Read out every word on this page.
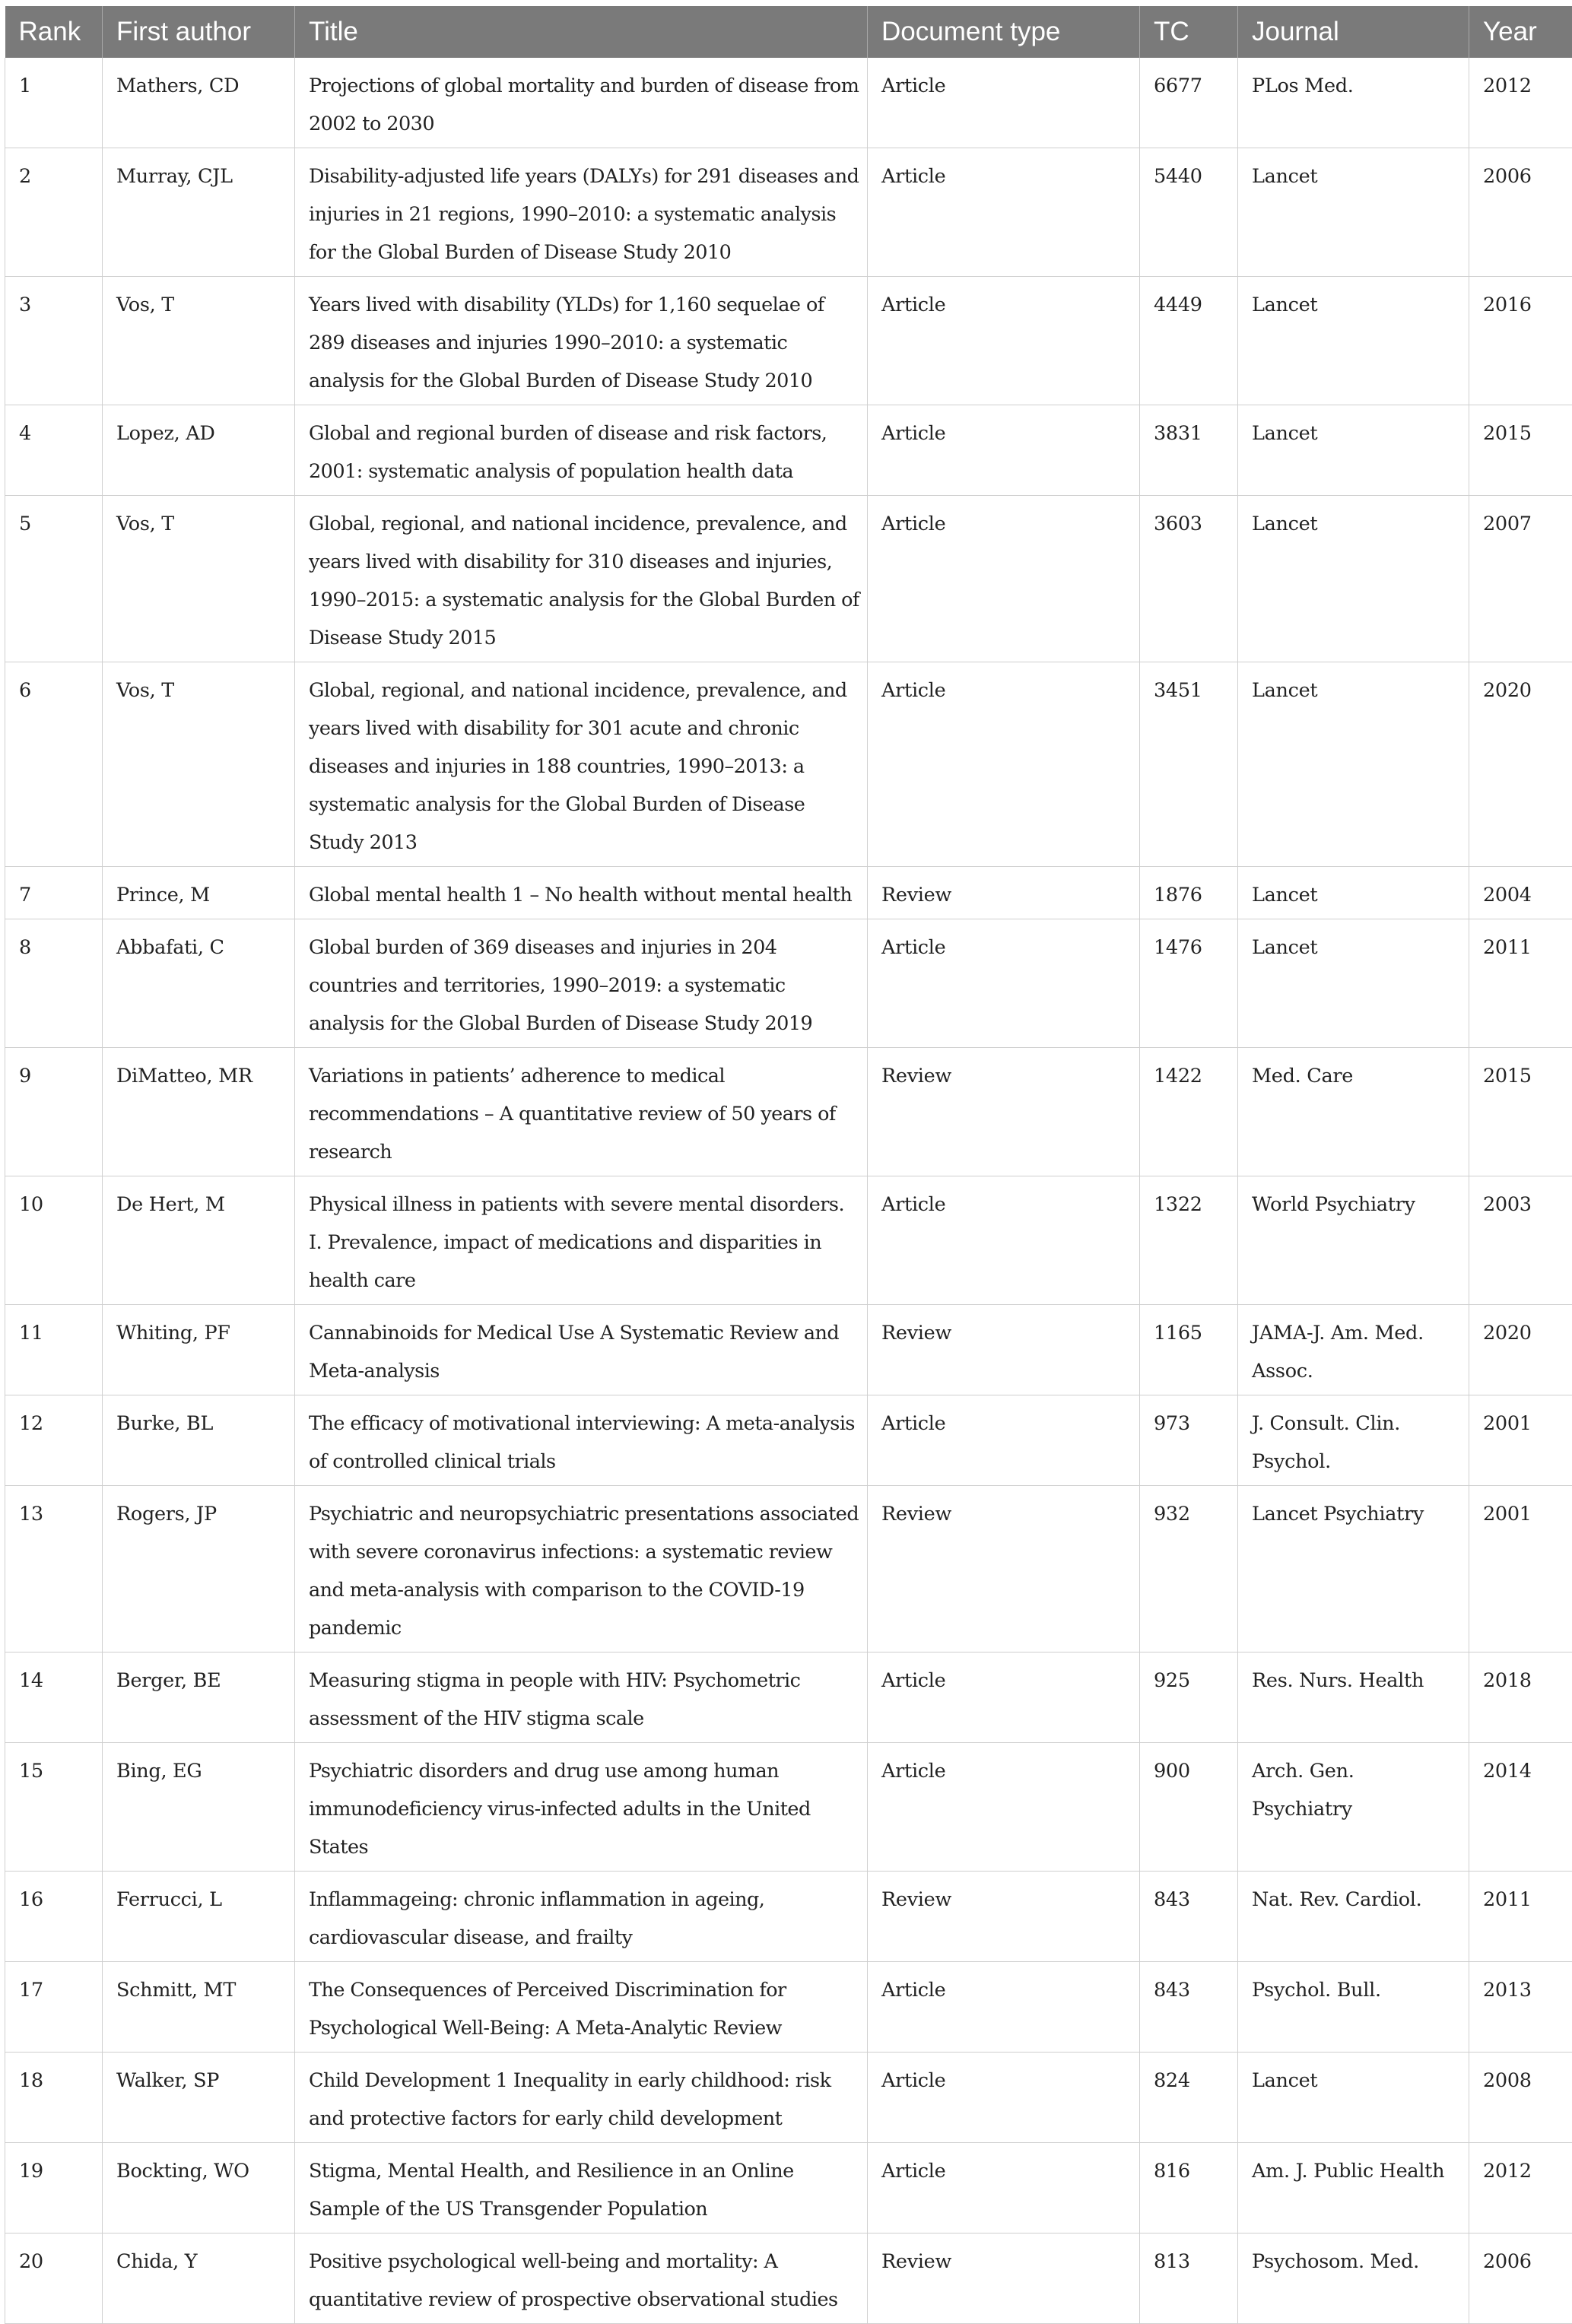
Rank	First author	Title	Document type	TC	Journal	Year
1	Mathers, CD	Projections of global mortality and burden of disease from 2002 to 2030	Article	6677	PLos Med.	2012
2	Murray, CJL	Disability-adjusted life years (DALYs) for 291 diseases and injuries in 21 regions, 1990–2010: a systematic analysis for the Global Burden of Disease Study 2010	Article	5440	Lancet	2006
3	Vos, T	Years lived with disability (YLDs) for 1,160 sequelae of 289 diseases and injuries 1990–2010: a systematic analysis for the Global Burden of Disease Study 2010	Article	4449	Lancet	2016
4	Lopez, AD	Global and regional burden of disease and risk factors, 2001: systematic analysis of population health data	Article	3831	Lancet	2015
5	Vos, T	Global, regional, and national incidence, prevalence, and years lived with disability for 310 diseases and injuries, 1990–2015: a systematic analysis for the Global Burden of Disease Study 2015	Article	3603	Lancet	2007
6	Vos, T	Global, regional, and national incidence, prevalence, and years lived with disability for 301 acute and chronic diseases and injuries in 188 countries, 1990–2013: a systematic analysis for the Global Burden of Disease Study 2013	Article	3451	Lancet	2020
7	Prince, M	Global mental health 1 – No health without mental health	Review	1876	Lancet	2004
8	Abbafati, C	Global burden of 369 diseases and injuries in 204 countries and territories, 1990–2019: a systematic analysis for the Global Burden of Disease Study 2019	Article	1476	Lancet	2011
9	DiMatteo, MR	Variations in patients’ adherence to medical recommendations – A quantitative review of 50 years of research	Review	1422	Med. Care	2015
10	De Hert, M	Physical illness in patients with severe mental disorders. I. Prevalence, impact of medications and disparities in health care	Article	1322	World Psychiatry	2003
11	Whiting, PF	Cannabinoids for Medical Use A Systematic Review and Meta-analysis	Review	1165	JAMA-J. Am. Med. Assoc.	2020
12	Burke, BL	The efficacy of motivational interviewing: A meta-analysis of controlled clinical trials	Article	973	J. Consult. Clin. Psychol.	2001
13	Rogers, JP	Psychiatric and neuropsychiatric presentations associated with severe coronavirus infections: a systematic review and meta-analysis with comparison to the COVID-19 pandemic	Review	932	Lancet Psychiatry	2001
14	Berger, BE	Measuring stigma in people with HIV: Psychometric assessment of the HIV stigma scale	Article	925	Res. Nurs. Health	2018
15	Bing, EG	Psychiatric disorders and drug use among human immunodeficiency virus-infected adults in the United States	Article	900	Arch. Gen. Psychiatry	2014
16	Ferrucci, L	Inflammageing: chronic inflammation in ageing, cardiovascular disease, and frailty	Review	843	Nat. Rev. Cardiol.	2011
17	Schmitt, MT	The Consequences of Perceived Discrimination for Psychological Well-Being: A Meta-Analytic Review	Article	843	Psychol. Bull.	2013
18	Walker, SP	Child Development 1 Inequality in early childhood: risk and protective factors for early child development	Article	824	Lancet	2008
19	Bockting, WO	Stigma, Mental Health, and Resilience in an Online Sample of the US Transgender Population	Article	816	Am. J. Public Health	2012
20	Chida, Y	Positive psychological well-being and mortality: A quantitative review of prospective observational studies	Review	813	Psychosom. Med.	2006
